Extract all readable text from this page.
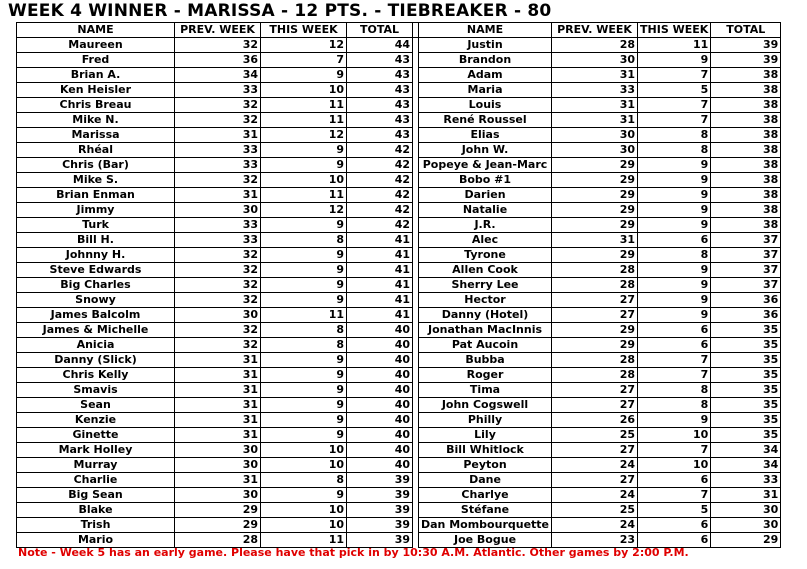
WEEK 4 WINNER - MARISSA - 12 PTS. - TIEBREAKER - 80
NAME	PREV. WEEK	THIS WEEK	TOTAL		NAME	PREV. WEEK	THIS WEEK	TOTAL
Maureen	32	12	44		Justin	28	11	39
Fred	36	7	43		Brandon	30	9	39
Brian A.	34	9	43		Adam	31	7	38
Ken Heisler	33	10	43		Maria	33	5	38
Chris Breau	32	11	43		Louis	31	7	38
Mike N.	32	11	43		René Roussel	31	7	38
Marissa	31	12	43		Elias	30	8	38
Rhéal	33	9	42		John W.	30	8	38
Chris (Bar)	33	9	42		Popeye & Jean-Marc	29	9	38
Mike S.	32	10	42		Bobo #1	29	9	38
Brian Enman	31	11	42		Darien	29	9	38
Jimmy	30	12	42		Natalie	29	9	38
Turk	33	9	42		J.R.	29	9	38
Bill H.	33	8	41		Alec	31	6	37
Johnny H.	32	9	41		Tyrone	29	8	37
Steve Edwards	32	9	41		Allen Cook	28	9	37
Big Charles	32	9	41		Sherry Lee	28	9	37
Snowy	32	9	41		Hector	27	9	36
James Balcolm	30	11	41		Danny (Hotel)	27	9	36
James & Michelle	32	8	40		Jonathan MacInnis	29	6	35
Anicia	32	8	40		Pat Aucoin	29	6	35
Danny (Slick)	31	9	40		Bubba	28	7	35
Chris Kelly	31	9	40		Roger	28	7	35
Smavis	31	9	40		Tima	27	8	35
Sean	31	9	40		John Cogswell	27	8	35
Kenzie	31	9	40		Philly	26	9	35
Ginette	31	9	40		Lily	25	10	35
Mark Holley	30	10	40		Bill Whitlock	27	7	34
Murray	30	10	40		Peyton	24	10	34
Charlie	31	8	39		Dane	27	6	33
Big Sean	30	9	39		Charlye	24	7	31
Blake	29	10	39		Stéfane	25	5	30
Trish	29	10	39		Dan Mombourquette	24	6	30
Mario	28	11	39		Joe Bogue	23	6	29
Note - Week 5 has an early game. Please have that pick in by 10:30 A.M. Atlantic. Other games by 2:00 P.M.
